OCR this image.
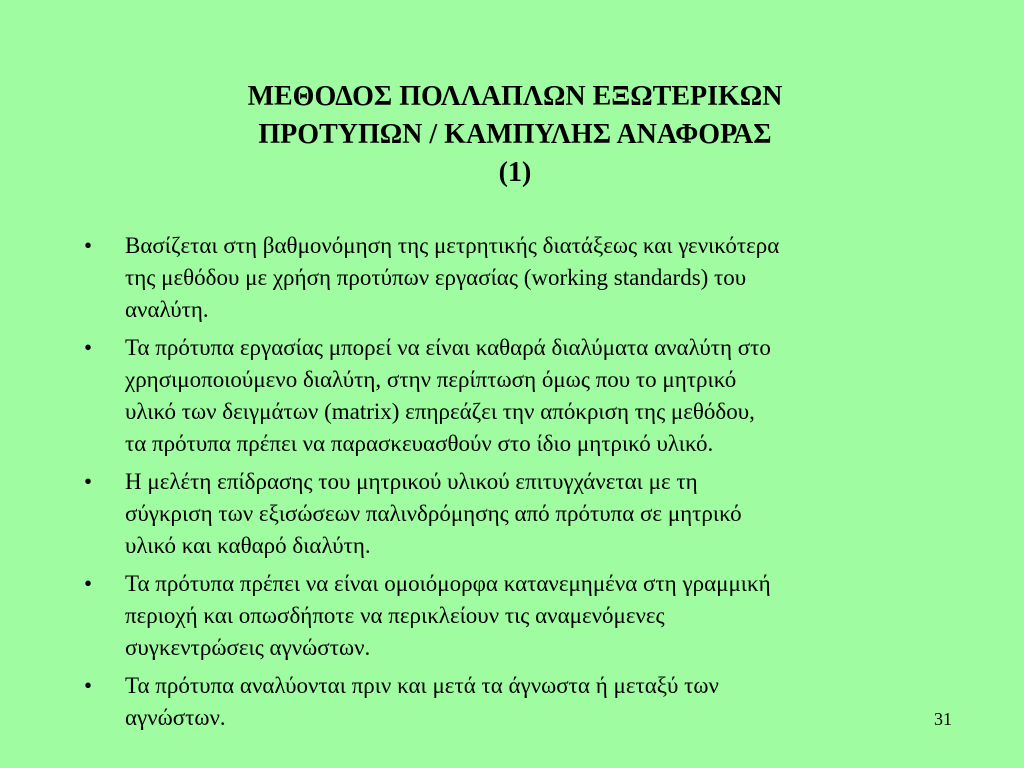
ΜΕΘΟΔΟΣ ΠΟΛΛΑΠΛΩΝ ΕΞΩΤΕΡΙΚΩΝ
ΠΡΟΤΥΠΩΝ / ΚΑΜΠΥΛΗΣ ΑΝΑΦΟΡΑΣ
(1)
•	Βασίζεται στη βαθμονόμηση της μετρητικής διατάξεως και γενικότερα
της μεθόδου με χρήση προτύπων εργασίας (working standards) του
αναλύτη.
•	Τα πρότυπα εργασίας μπορεί να είναι καθαρά διαλύματα αναλύτη στο
χρησιμοποιούμενο διαλύτη, στην περίπτωση όμως που το μητρικό
υλικό των δειγμάτων (matrix) επηρεάζει την απόκριση της μεθόδου,
τα πρότυπα πρέπει να παρασκευασθούν στο ίδιο μητρικό υλικό.
•	Η μελέτη επίδρασης του μητρικού υλικού επιτυγχάνεται με τη
σύγκριση των εξισώσεων παλινδρόμησης από πρότυπα σε μητρικό
υλικό και καθαρό διαλύτη.
•	Τα πρότυπα πρέπει να είναι ομοιόμορφα κατανεμημένα στη γραμμική
περιοχή και οπωσδήποτε να περικλείουν τις αναμενόμενες
συγκεντρώσεις αγνώστων.
•	Τα πρότυπα αναλύονται πριν και μετά τα άγνωστα ή μεταξύ των
αγνώστων.	31
